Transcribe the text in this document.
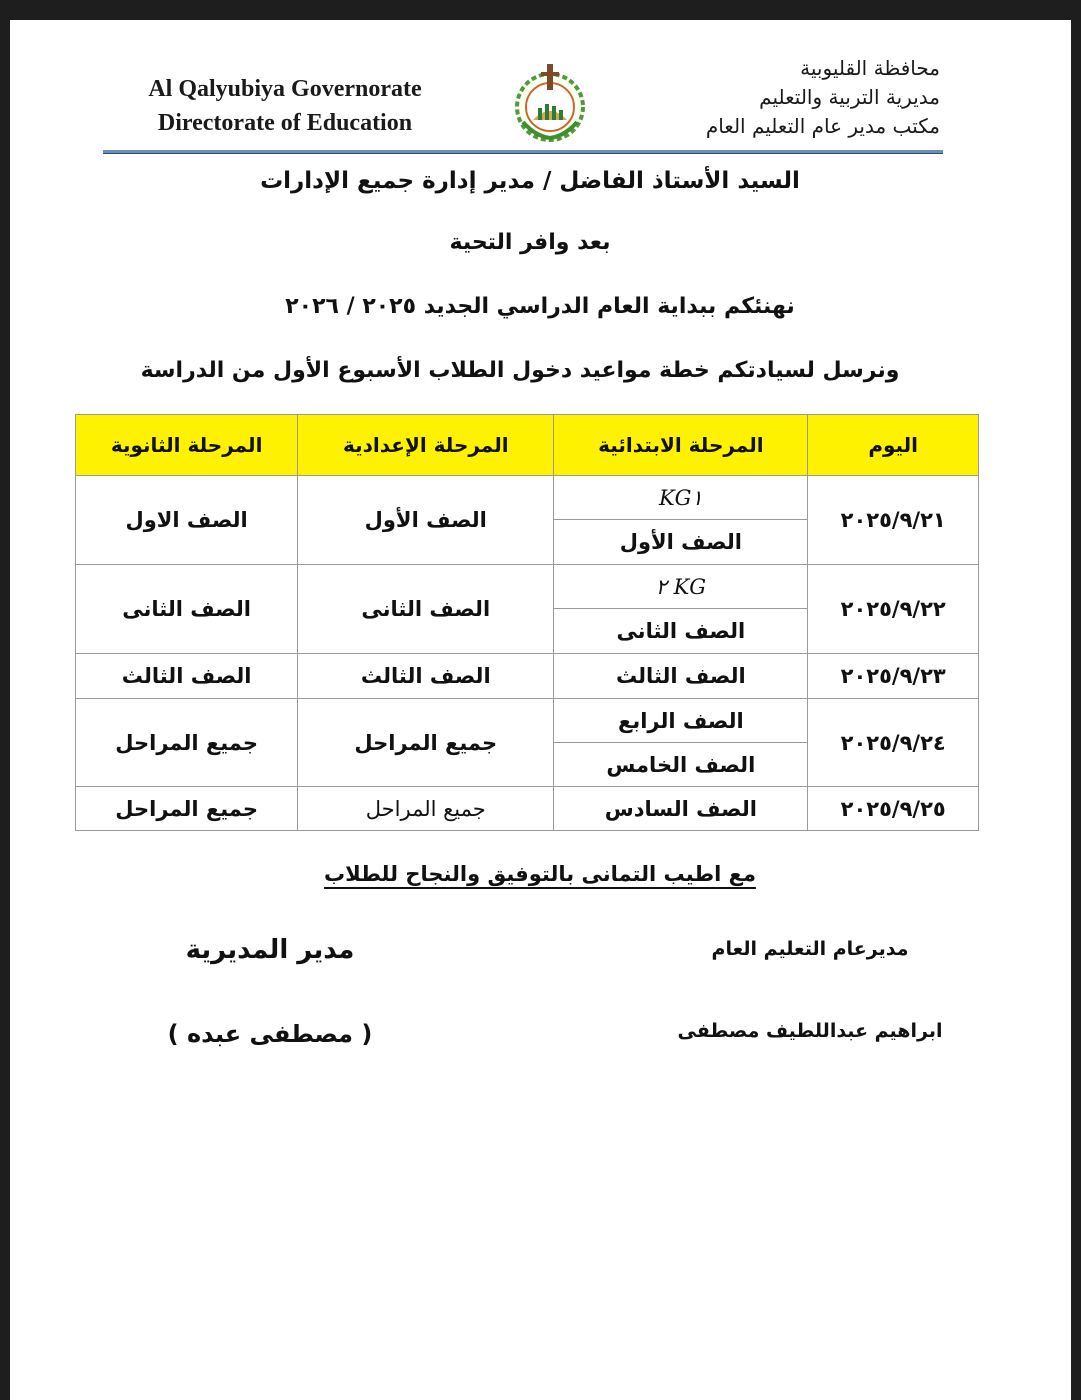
Al Qalyubiya Governorate
Directorate of Education
محافظة القليوبية
مديرية التربية والتعليم
مكتب مدير عام التعليم العام
السيد الأستاذ الفاضل / مدير إدارة جميع الإدارات
بعد وافر التحية
نهنئكم ببداية العام الدراسي الجديد ٢٠٢٥ / ٢٠٢٦
ونرسل لسيادتكم خطة مواعيد دخول الطلاب الأسبوع الأول من الدراسة
اليوم	المرحلة الابتدائية	المرحلة الإعدادية	المرحلة الثانوية
٢٠٢٥/٩/٢١	KG١	الصف الأول	الصف الاول
	الصف الأول		
٢٠٢٥/٩/٢٢	KG ٢	الصف الثانى	الصف الثانى
	الصف الثانى		
٢٠٢٥/٩/٢٣	الصف الثالث	الصف الثالث	الصف الثالث
٢٠٢٥/٩/٢٤	الصف الرابع	جميع المراحل	جميع المراحل
	الصف الخامس		
٢٠٢٥/٩/٢٥	الصف السادس	جميع المراحل	جميع المراحل
مع اطيب التمانى بالتوفيق والنجاح للطلاب
مديرعام التعليم العام
ابراهيم عبداللطيف مصطفى
مدير المديرية
( مصطفى عبده )
